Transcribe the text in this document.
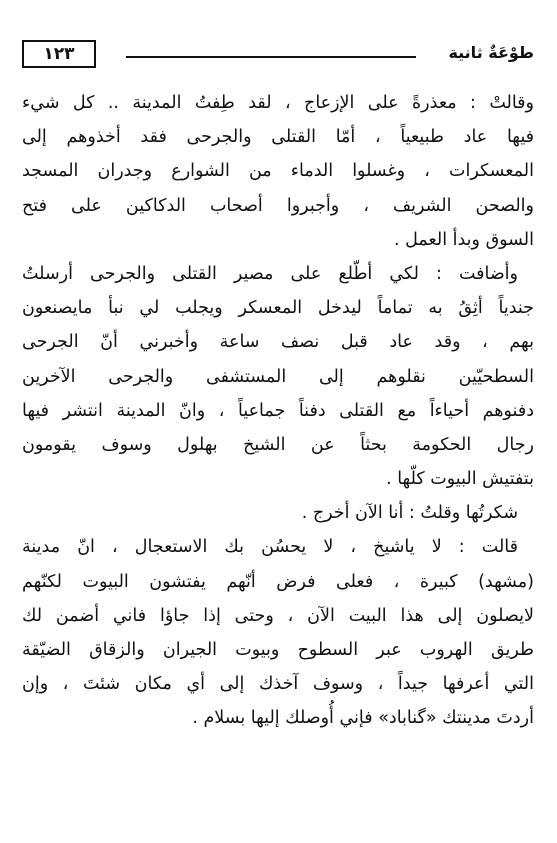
١٢٣	طوْعَةٌ ثانية
وقالتْ : معذرةً على الإزعاج ، لقد طِفتُ المدينة .. كل شيء
فيها عاد طبيعياً ، أمّا القتلى والجرحى فقد أخذوهم إلى
المعسكرات ، وغسلوا الدماء من الشوارع وجدران المسجد
والصحن الشريف ، وأجبروا أصحاب الدكاكين على فتح
السوق وبدأ العمل .
وأضافت : لكي أطّلع على مصير القتلى والجرحى أرسلتُ
جندياً أثِقُ به تماماً ليدخل المعسكر ويجلب لي نبأ مايصنعون
بهم ، وقد عاد قبل نصف ساعة وأخبرني أنّ الجرحى
السطحيّين نقلوهم إلى المستشفى والجرحى الآخرين
دفنوهم أحياءاً مع القتلى دفناً جماعياً ، وانّ المدينة انتشر فيها
رجال الحكومة بحثاً عن الشيخ بهلول وسوف يقومون
بتفتيش البيوت كلّها .
شكرتُها وقلتُ : أنا الآن أخرج .
قالت : لا ياشيخ ، لا يحسُن بك الاستعجال ، انّ مدينة
(مشهد) كبيرة ، فعلى فرض أنّهم يفتشون البيوت لكنّهم
لايصلون إلى هذا البيت الآن ، وحتى إذا جاؤا فاني أضمن لك
طريق الهروب عبر السطوح وبيوت الجيران والزقاق الضيّقة
التي أعرفها جيداً ، وسوف آخذك إلى أي مكان شئتَ ، وإن
أردتَ مدينتك «گناباد» فإني أُوصلك إليها بسلام .
